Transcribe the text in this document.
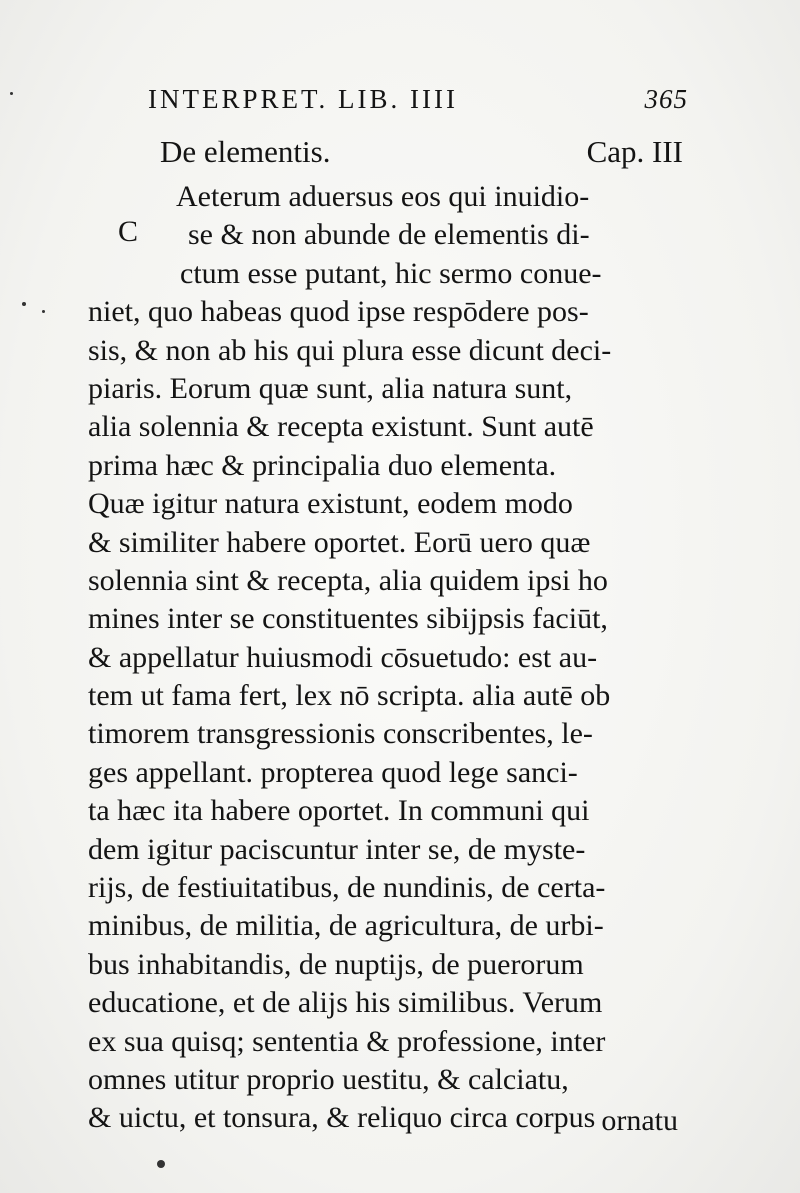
INTERPRET. LIB. IIII	365
De elementis.	Cap. III
C
Aeterum aduersus eos qui inuidio-
se & non abunde de elementis di-
ctum esse putant, hic sermo conue-
niet, quo habeas quod ipse respōdere pos-
sis, & non ab his qui plura esse dicunt deci-
piaris. Eorum quæ sunt, alia natura sunt,
alia solennia & recepta existunt. Sunt autē
prima hæc & principalia duo elementa.
Quæ igitur natura existunt, eodem modo
& similiter habere oportet. Eorū uero quæ
solennia sint & recepta, alia quidem ipsi ho
mines inter se constituentes sibijpsis faciūt,
& appellatur huiusmodi cōsuetudo: est au-
tem ut fama fert, lex nō scripta. alia autē ob
timorem transgressionis conscribentes, le-
ges appellant. propterea quod lege sanci-
ta hæc ita habere oportet. In communi qui
dem igitur paciscuntur inter se, de myste-
rijs, de festiuitatibus, de nundinis, de certa-
minibus, de militia, de agricultura, de urbi-
bus inhabitandis, de nuptijs, de puerorum
educatione, et de alijs his similibus. Verum
ex sua quisq; sententia & professione, inter
omnes utitur proprio uestitu, & calciatu,
& uictu, et tonsura, & reliquo circa corpus ornatu
